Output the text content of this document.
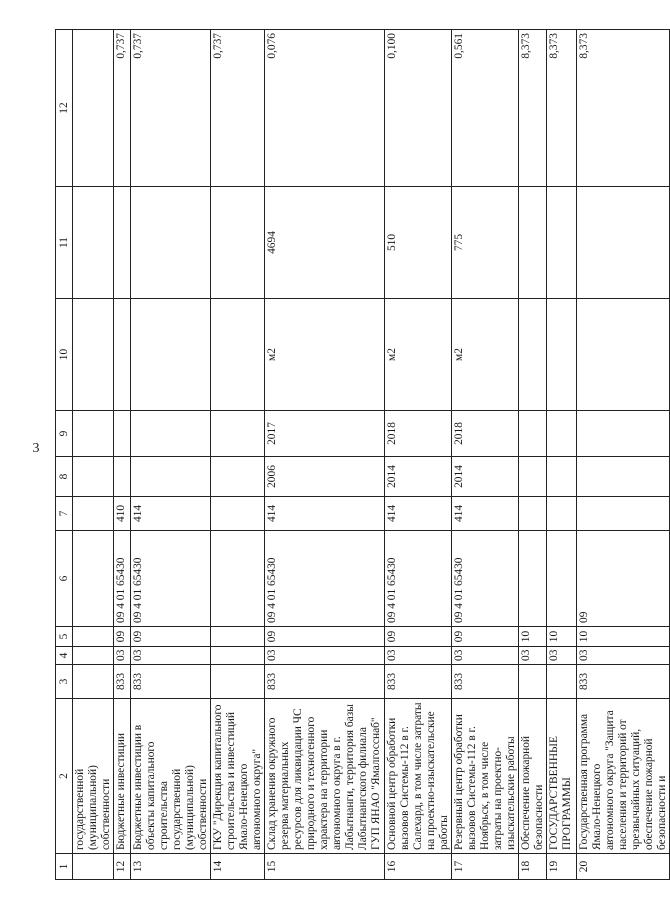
3
1	2	3	4	5	6	7	8	9	10	11	12
	государственной (муниципальной) собственности										
12	Бюджетные инвестиции	833	03	09	09 4 01 65430	410					0,737
13	Бюджетные инвестиции в объекты капитального строительства государственной (муниципальной) собственности	833	03	09	09 4 01 65430	414					0,737
14	ГКУ "Дирекция капитального строительства и инвестиций Ямало-Ненецкого автономного округа"										0,737
15	Склад хранения окружного резерва материальных ресурсов для ликвидации ЧС природного и техногенного характера на территории автономного округа в г. Лабытнанги, территория базы Лабытнангского филиала ГУП ЯНАО "Ямалгосснаб"	833	03	09	09 4 01 65430	414	2006	2017	м2	4694	0,076
16	Основной центр обработки вызовов Системы-112 в г. Салехард, в том числе затраты на проектно-изыскательские работы	833	03	09	09 4 01 65430	414	2014	2018	м2	510	0,100
17	Резервный центр обработки вызовов Системы-112 в г. Ноябрьск, в том числе затраты на проектно-изыскательские работы	833	03	09	09 4 01 65430	414	2014	2018	м2	775	0,561
18	Обеспечение пожарной безопасности		03	10							8,373
19	ГОСУДАРСТВЕННЫЕ ПРОГРАММЫ		03	10							8,373
20	Государственная программа Ямало-Ненецкого автономного округа "Защита населения и территорий от чрезвычайных ситуаций, обеспечение пожарной безопасности и	833	03	10	09						8,373
